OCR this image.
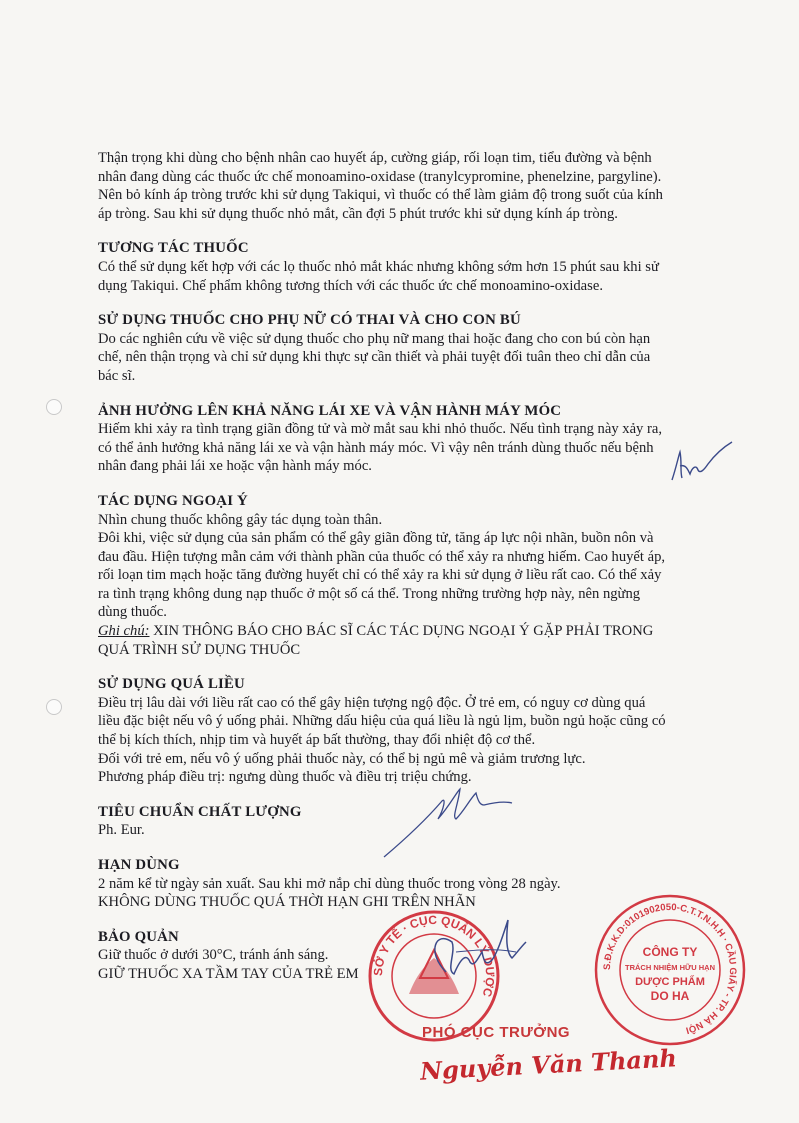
Thận trọng khi dùng cho bệnh nhân cao huyết áp, cường giáp, rối loạn tim, tiểu đường và bệnh

nhân đang dùng các thuốc ức chế monoamino-oxidase (tranylcypromine, phenelzine, pargyline).

Nên bỏ kính áp tròng trước khi sử dụng Takiqui, vì thuốc có thể làm giảm độ trong suốt của kính

áp tròng. Sau khi sử dụng thuốc nhỏ mắt, cần đợi 5 phút trước khi sử dụng kính áp tròng.

TƯƠNG TÁC THUỐC

Có thể sử dụng kết hợp với các lọ thuốc nhỏ mắt khác nhưng không sớm hơn 15 phút sau khi sử

dụng Takiqui. Chế phẩm không tương thích với các thuốc ức chế monoamino-oxidase.

SỬ DỤNG THUỐC CHO PHỤ NỮ CÓ THAI VÀ CHO CON BÚ

Do các nghiên cứu về việc sử dụng thuốc cho phụ nữ mang thai hoặc đang cho con bú còn hạn

chế, nên thận trọng và chỉ sử dụng khi thực sự cần thiết và phải tuyệt đối tuân theo chỉ dẫn của

bác sĩ.

ẢNH HƯỞNG LÊN KHẢ NĂNG LÁI XE VÀ VẬN HÀNH MÁY MÓC

Hiếm khi xảy ra tình trạng giãn đồng tử và mờ mắt sau khi nhỏ thuốc. Nếu tình trạng này xảy ra,

có thể ảnh hưởng khả năng lái xe và vận hành máy móc. Vì vậy nên tránh dùng thuốc nếu bệnh

nhân đang phải lái xe hoặc vận hành máy móc.

TÁC DỤNG NGOẠI Ý

Nhìn chung thuốc không gây tác dụng toàn thân.

Đôi khi, việc sử dụng của sản phẩm có thể gây giãn đồng tử, tăng áp lực nội nhãn, buồn nôn và

đau đầu. Hiện tượng mẫn cảm với thành phần của thuốc có thể xảy ra nhưng hiếm. Cao huyết áp,

rối loạn tim mạch hoặc tăng đường huyết chỉ có thể xảy ra khi sử dụng ở liều rất cao. Có thể xảy

ra tình trạng không dung nạp thuốc ở một số cá thể. Trong những trường hợp này, nên ngừng

dùng thuốc.

Ghi chú: XIN THÔNG BÁO CHO BÁC SĨ CÁC TÁC DỤNG NGOẠI Ý GẶP PHẢI TRONG

QUÁ TRÌNH SỬ DỤNG THUỐC

SỬ DỤNG QUÁ LIỀU

Điều trị lâu dài với liều rất cao có thể gây hiện tượng ngộ độc. Ở trẻ em, có nguy cơ dùng quá

liều đặc biệt nếu vô ý uống phải. Những dấu hiệu của quá liều là ngủ lịm, buồn ngủ hoặc cũng có

thể bị kích thích, nhịp tim và huyết áp bất thường, thay đổi nhiệt độ cơ thể.

Đối với trẻ em, nếu vô ý uống phải thuốc này, có thể bị ngủ mê và giảm trương lực.

Phương pháp điều trị: ngưng dùng thuốc và điều trị triệu chứng.

TIÊU CHUẨN CHẤT LƯỢNG

Ph. Eur.

HẠN DÙNG

2 năm kể từ ngày sản xuất. Sau khi mở nắp chỉ dùng thuốc trong vòng 28 ngày.

KHÔNG DÙNG THUỐC QUÁ THỜI HẠN GHI TRÊN NHÃN

BẢO QUẢN

Giữ thuốc ở dưới 30°C, tránh ánh sáng.

GIỮ THUỐC XA TẦM TAY CỦA TRẺ EM	SỞ Y TẾ · CỤC QUẢN LÝ DƯỢC
S.Đ.K.K.D:0101902050-C.T.T.N.H.H · CẦU GIẤY - TP. HÀ NỘI
CÔNG TY
TRÁCH NHIỆM HỮU HẠN
DƯỢC PHẨM
DO HA
PHÓ CỤC TRƯỞNG
Nguyễn Văn Thanh
